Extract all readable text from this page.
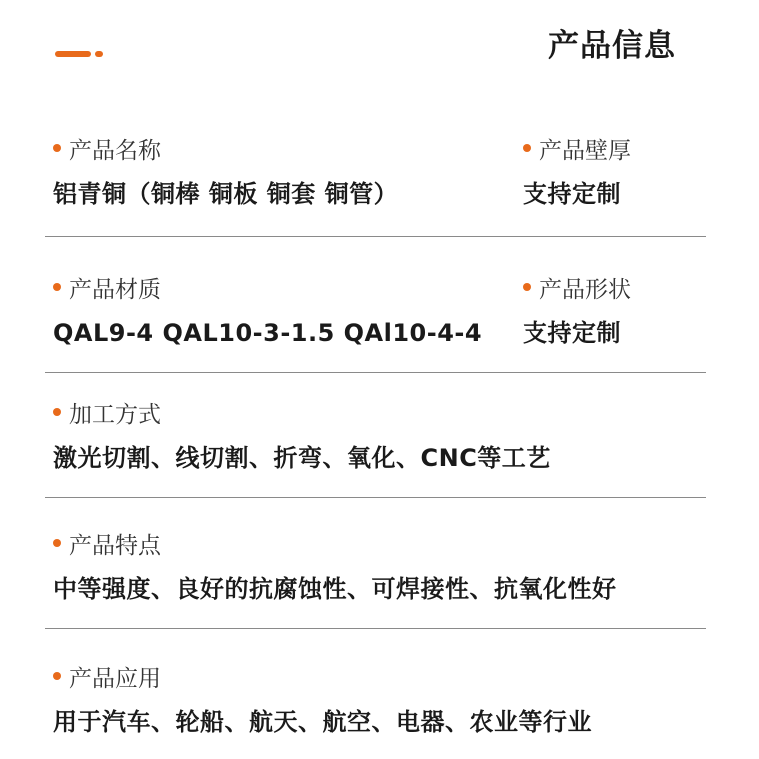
产品信息
产品名称
铝青铜（铜棒 铜板 铜套 铜管）
产品壁厚
支持定制
产品材质
QAL9-4 QAL10-3-1.5 QAl10-4-4
产品形状
支持定制
加工方式
激光切割、线切割、折弯、氧化、CNC等工艺
产品特点
中等强度、良好的抗腐蚀性、可焊接性、抗氧化性好
产品应用
用于汽车、轮船、航天、航空、电器、农业等行业
